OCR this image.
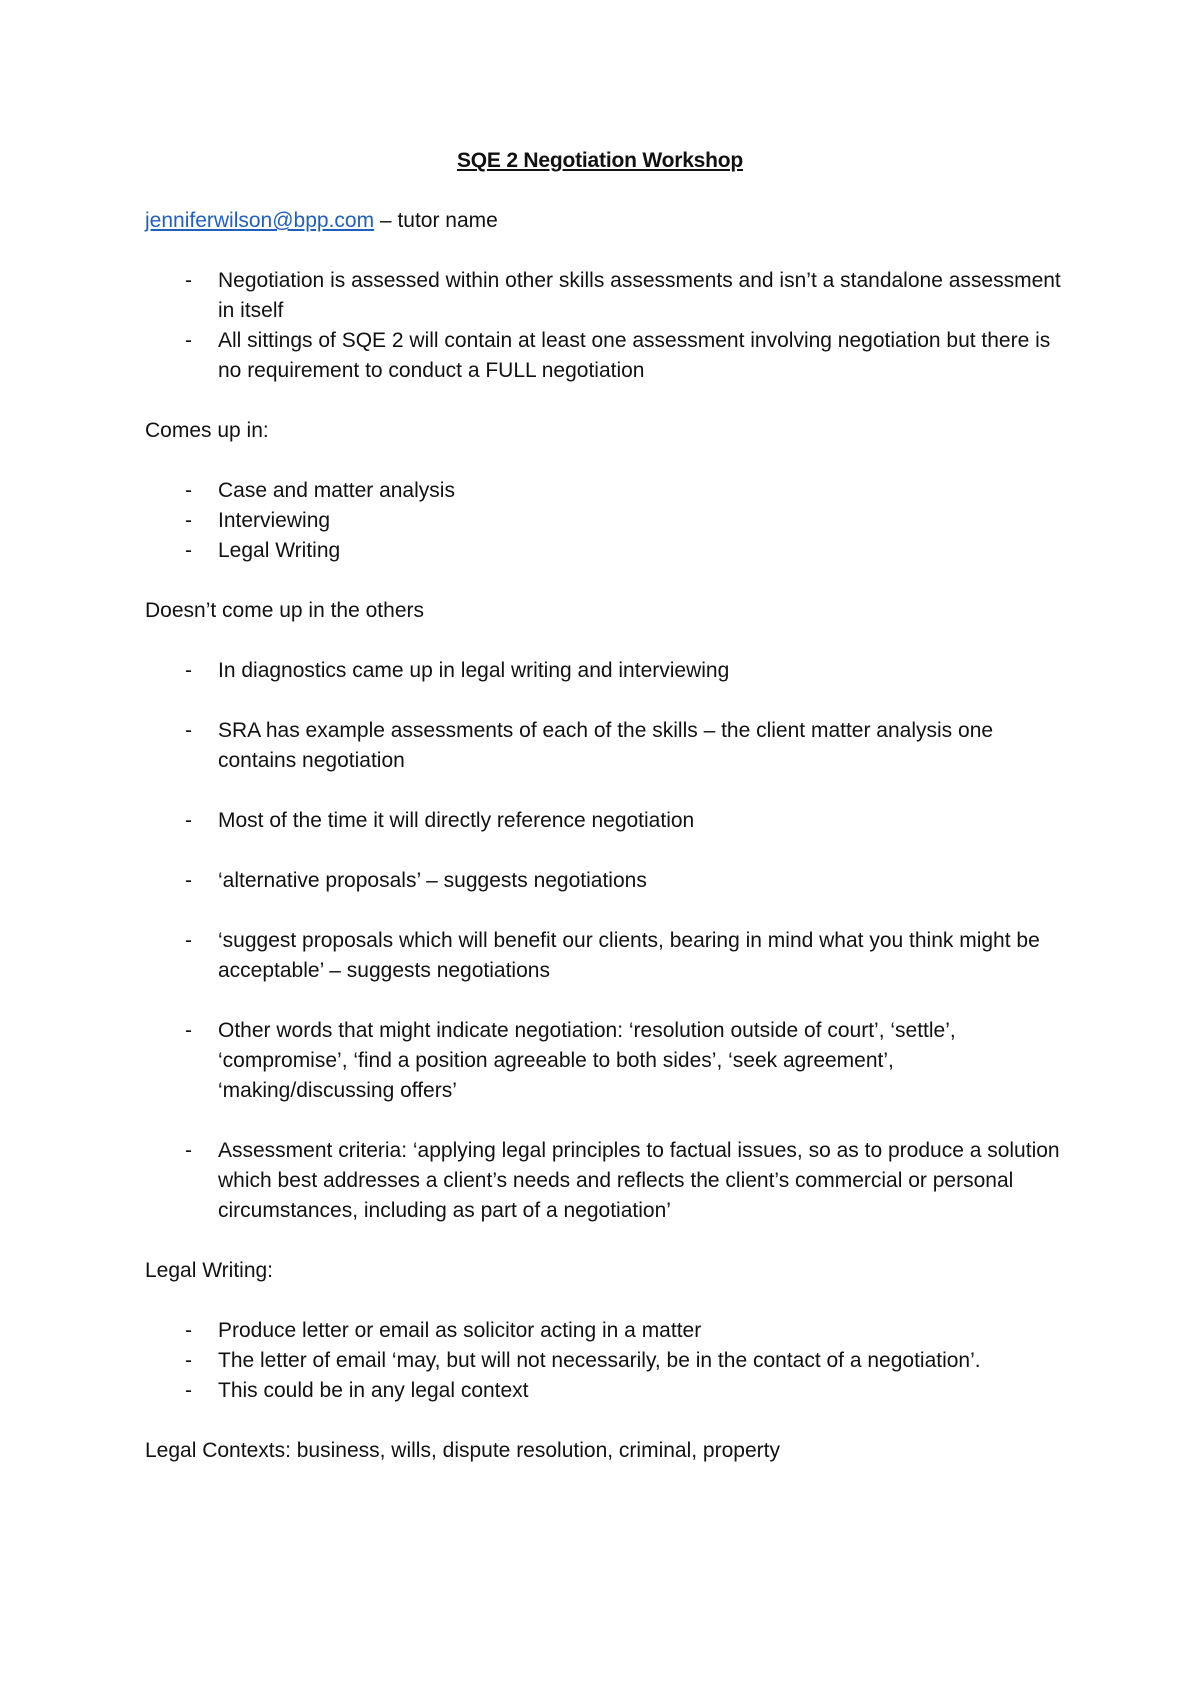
SQE 2 Negotiation Workshop

jenniferwilson@bpp.com – tutor name

- Negotiation is assessed within other skills assessments and isn’t a standalone assessment in itself
- All sittings of SQE 2 will contain at least one assessment involving negotiation but there is no requirement to conduct a FULL negotiation

Comes up in:

- Case and matter analysis
- Interviewing
- Legal Writing

Doesn’t come up in the others

- In diagnostics came up in legal writing and interviewing
- SRA has example assessments of each of the skills – the client matter analysis one contains negotiation
- Most of the time it will directly reference negotiation
- ‘alternative proposals’ – suggests negotiations
- ‘suggest proposals which will benefit our clients, bearing in mind what you think might be acceptable’ – suggests negotiations
- Other words that might indicate negotiation: ‘resolution outside of court’, ‘settle’, ‘compromise’, ‘find a position agreeable to both sides’, ‘seek agreement’, ‘making/discussing offers’
- Assessment criteria: ‘applying legal principles to factual issues, so as to produce a solution which best addresses a client’s needs and reflects the client’s commercial or personal circumstances, including as part of a negotiation’

Legal Writing:

- Produce letter or email as solicitor acting in a matter
- The letter of email ‘may, but will not necessarily, be in the contact of a negotiation’.
- This could be in any legal context

Legal Contexts: business, wills, dispute resolution, criminal, property
